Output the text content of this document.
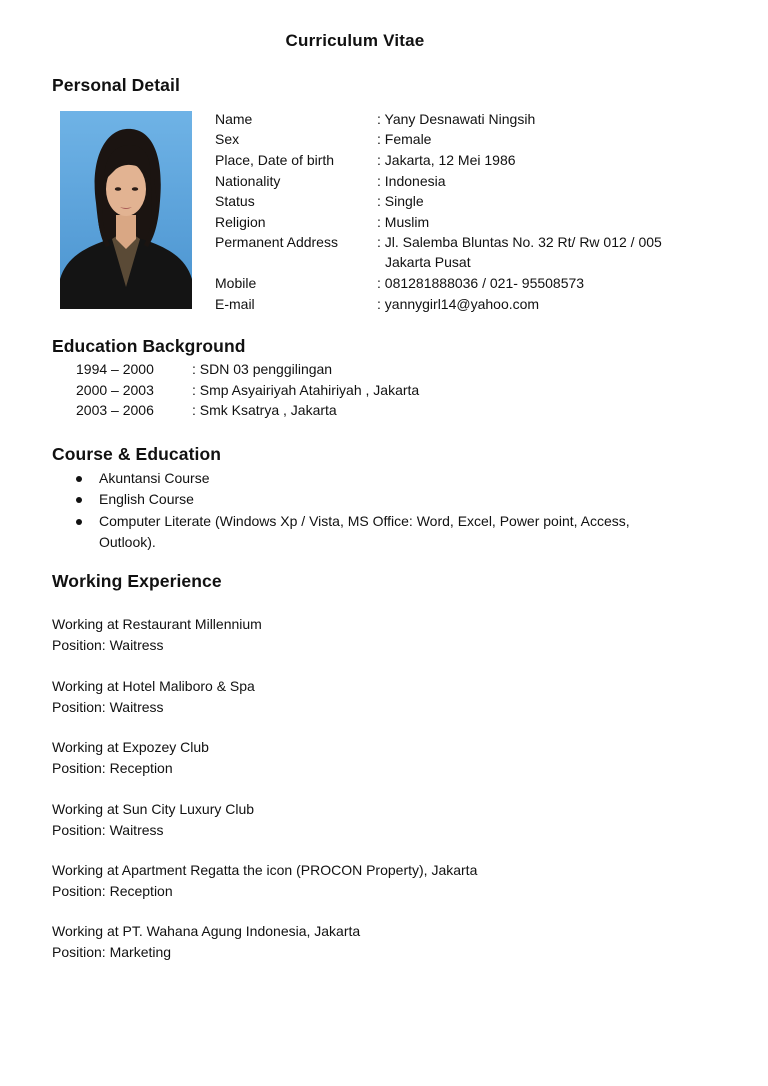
Curriculum Vitae
Personal Detail
Name	: Yany Desnawati Ningsih
Sex	: Female
Place, Date of birth	: Jakarta, 12 Mei 1986
Nationality	: Indonesia
Status	: Single
Religion	: Muslim
Permanent Address	: Jl. Salemba Bluntas No. 32 Rt/ Rw 012 / 005
Jakarta Pusat
Mobile	: 081281888036 / 021- 95508573
E-mail	: yannygirl14@yahoo.com
Education Background
1994 – 2000	: SDN 03 penggilingan
2000 – 2003	: Smp Asyairiyah Atahiriyah , Jakarta
2003 – 2006	: Smk Ksatrya , Jakarta
Course & Education
Akuntansi Course
English Course
Computer Literate (Windows Xp / Vista, MS Office: Word, Excel, Power point, Access, Outlook).
Working Experience
Working at Restaurant Millennium
Position: Waitress
Working at Hotel Maliboro & Spa
Position: Waitress
Working at Expozey Club
Position: Reception
Working at Sun City Luxury Club
Position: Waitress
Working at Apartment Regatta the icon (PROCON Property), Jakarta
Position: Reception
Working at PT. Wahana Agung Indonesia, Jakarta
Position: Marketing
